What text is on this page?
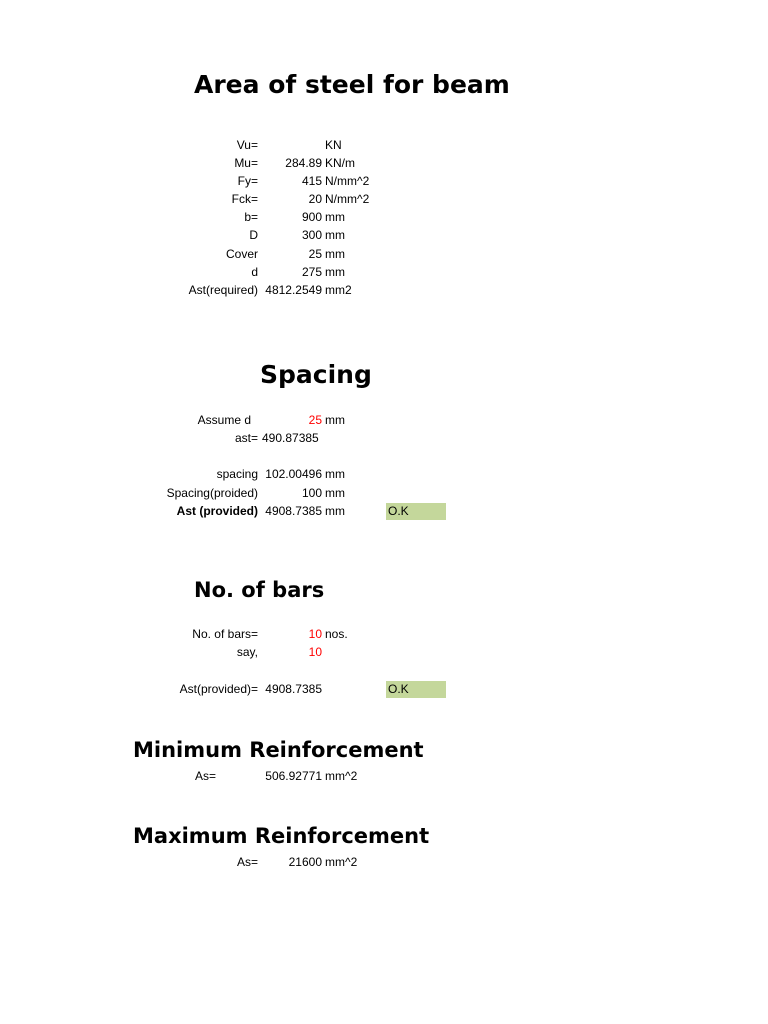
Area of steel for beam
Vu=	KN
Mu=	284.89 KN/m
Fy=	415 N/mm^2
Fck=	20 N/mm^2
b=	900 mm
D	300 mm
Cover	25 mm
d	275 mm
Ast(required) 4812.2549 mm2
Spacing
Assume d	25 mm
ast= 490.87385
spacing 102.00496 mm
Spacing(proided)	100 mm
Ast (provided) 4908.7385 mm	O.K
No. of bars
No. of bars=	10 nos.
say,	10
Ast(provided)= 4908.7385	O.K
Minimum Reinforcement
As=	506.92771 mm^2
Maximum Reinforcement
As=	21600 mm^2
